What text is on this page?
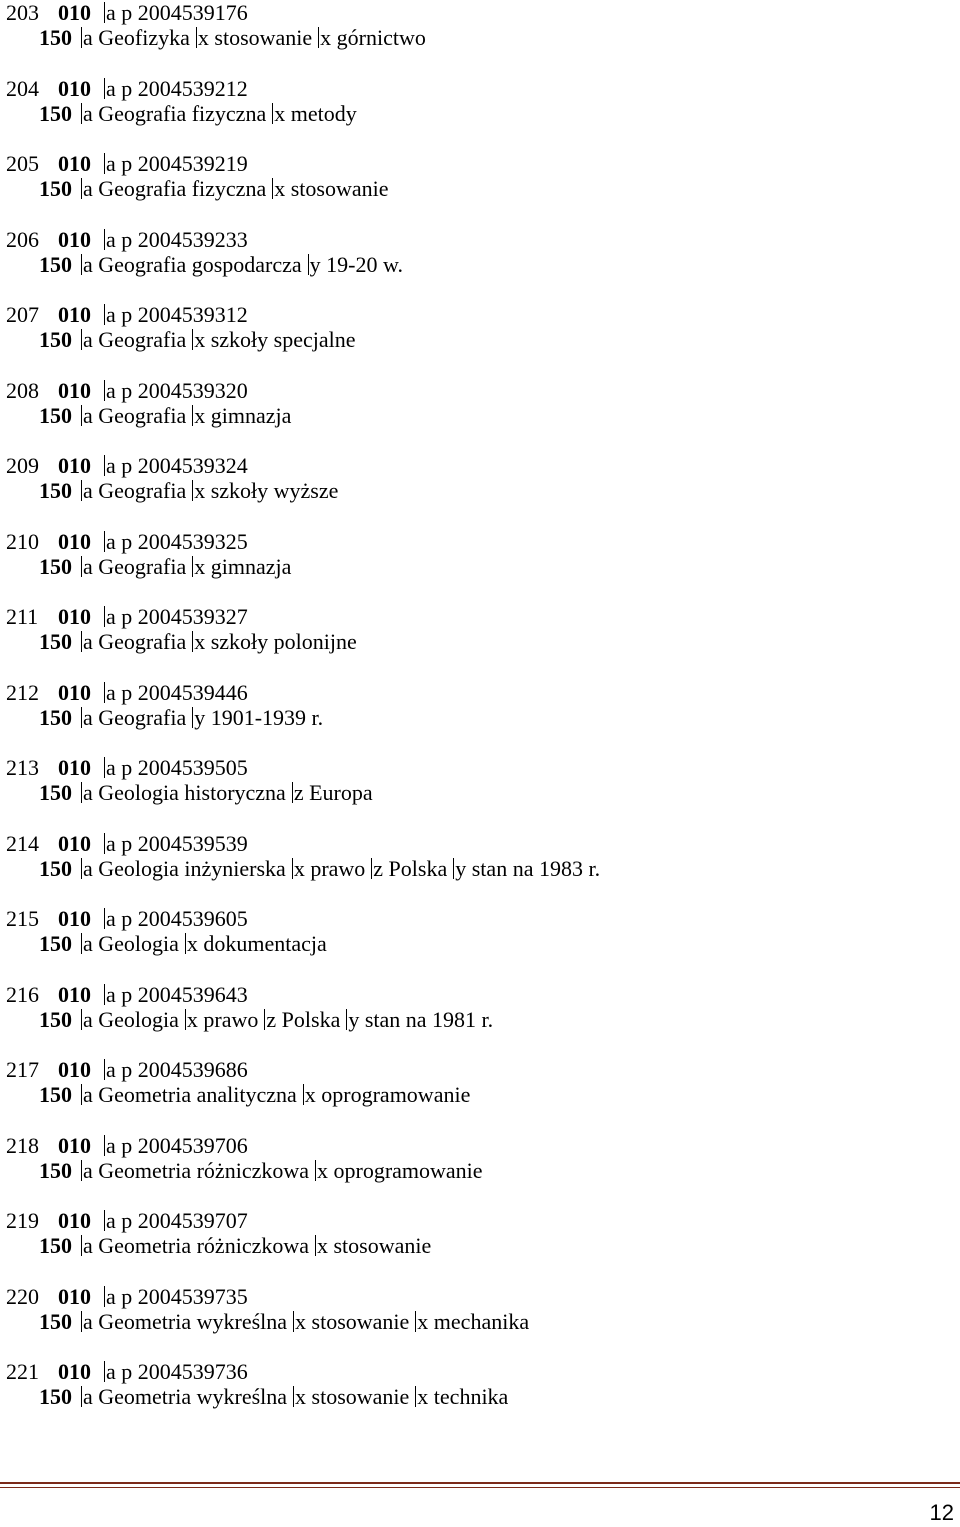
203 010 a p 2004539176
150 a Geofizyka x stosowanie x górnictwo
204 010 a p 2004539212
150 a Geografia fizyczna x metody
205 010 a p 2004539219
150 a Geografia fizyczna x stosowanie
206 010 a p 2004539233
150 a Geografia gospodarcza y 19-20 w.
207 010 a p 2004539312
150 a Geografia x szkoły specjalne
208 010 a p 2004539320
150 a Geografia x gimnazja
209 010 a p 2004539324
150 a Geografia x szkoły wyższe
210 010 a p 2004539325
150 a Geografia x gimnazja
211 010 a p 2004539327
150 a Geografia x szkoły polonijne
212 010 a p 2004539446
150 a Geografia y 1901-1939 r.
213 010 a p 2004539505
150 a Geologia historyczna z Europa
214 010 a p 2004539539
150 a Geologia inżynierska x prawo z Polska y stan na 1983 r.
215 010 a p 2004539605
150 a Geologia x dokumentacja
216 010 a p 2004539643
150 a Geologia x prawo z Polska y stan na 1981 r.
217 010 a p 2004539686
150 a Geometria analityczna x oprogramowanie
218 010 a p 2004539706
150 a Geometria różniczkowa x oprogramowanie
219 010 a p 2004539707
150 a Geometria różniczkowa x stosowanie
220 010 a p 2004539735
150 a Geometria wykreślna x stosowanie x mechanika
221 010 a p 2004539736
150 a Geometria wykreślna x stosowanie x technika
12
